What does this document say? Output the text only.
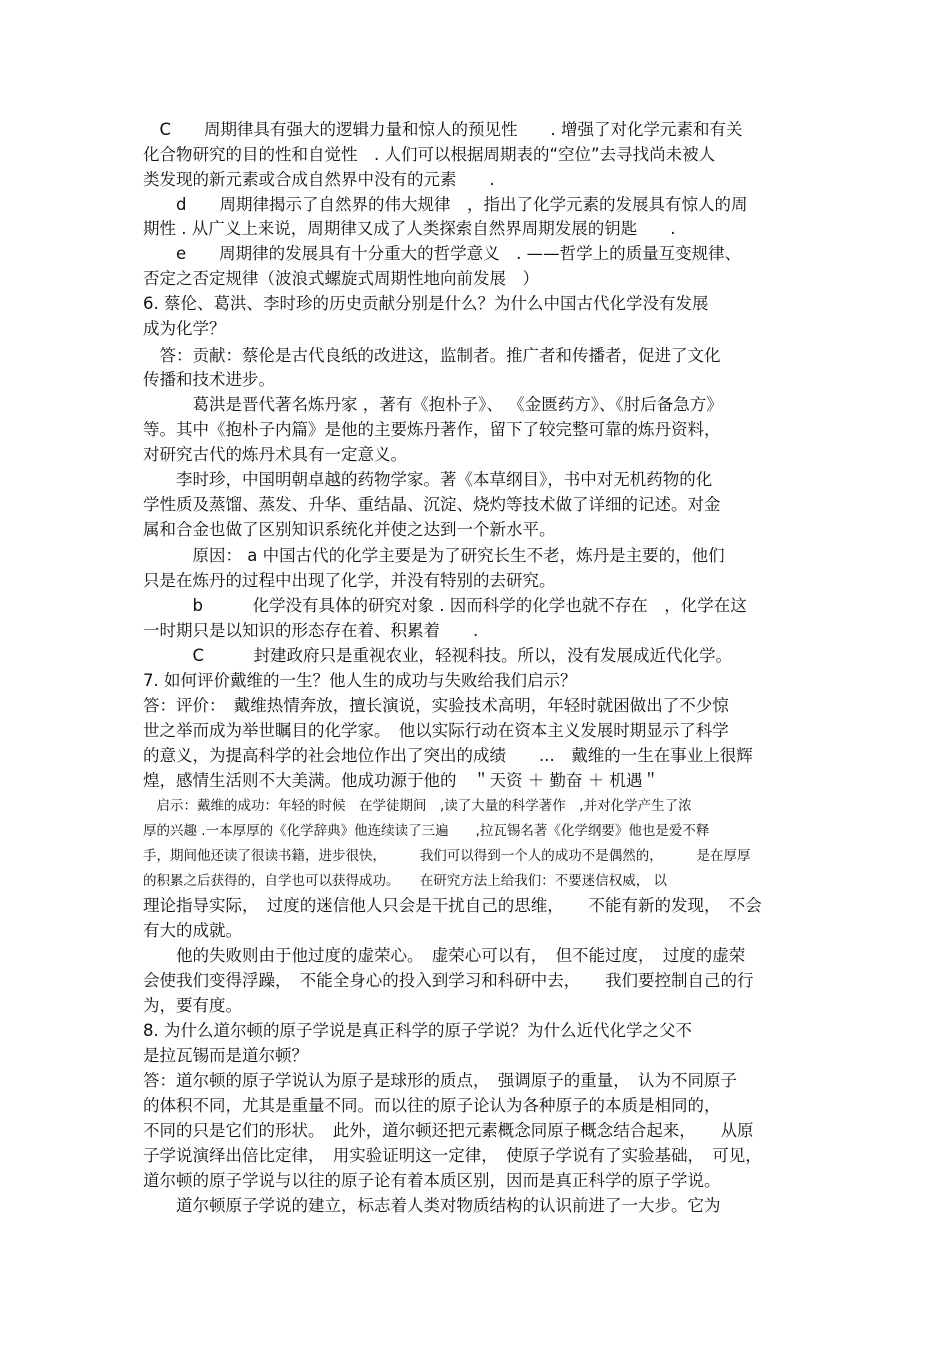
　C　　周期律具有强大的逻辑力量和惊人的预见性　　. 增强了对化学元素和有关
化合物研究的目的性和自觉性　. 人们可以根据周期表的“空位”去寻找尚未被人
类发现的新元素或合成自然界中没有的元素　　.
　　d　　周期律揭示了自然界的伟大规律　，指出了化学元素的发展具有惊人的周
期性 . 从广义上来说，周期律又成了人类探索自然界周期发展的钥匙　　.
　　e　　周期律的发展具有十分重大的哲学意义　. ——哲学上的质量互变规律、
否定之否定规律（波浪式螺旋式周期性地向前发展　）
6. 蔡伦、葛洪、李时珍的历史贡献分别是什么？为什么中国古代化学没有发展
成为化学？
　答：贡献：蔡伦是古代良纸的改进这，监制者。推广者和传播者，促进了文化
传播和技术进步。
　　　葛洪是晋代著名炼丹家 ，著有《抱朴子》、 《金匮药方》、《肘后备急方》
等。其中《抱朴子内篇》是他的主要炼丹著作，留下了较完整可靠的炼丹资料，
对研究古代的炼丹术具有一定意义。
　　李时珍，中国明朝卓越的药物学家。著《本草纲目》，书中对无机药物的化
学性质及蒸馏、蒸发、升华、重结晶、沉淀、烧灼等技术做了详细的记述。对金
属和合金也做了区别知识系统化并使之达到一个新水平。
　　　原因： a 中国古代的化学主要是为了研究长生不老，炼丹是主要的，他们
只是在炼丹的过程中出现了化学，并没有特别的去研究。
　　　b　　　化学没有具体的研究对象 . 因而科学的化学也就不存在　，化学在这
一时期只是以知识的形态存在着、积累着　　.
　　　C　　　封建政府只是重视农业，轻视科技。所以，没有发展成近代化学。
7. 如何评价戴维的一生？他人生的成功与失败给我们启示？
答：评价：　戴维热情奔放，擅长演说，实验技术高明，年轻时就困做出了不少惊
世之举而成为举世瞩目的化学家。　他以实际行动在资本主义发展时期显示了科学
的意义，为提高科学的社会地位作出了突出的成绩　　...　戴维的一生在事业上很辉
煌，感情生活则不大美满。他成功源于他的　＂天资 ＋ 勤奋 ＋ 机遇＂
　启示：戴维的成功：年轻的时候　在学徒期间　,读了大量的科学著作　,并对化学产生了浓
厚的兴趣 .一本厚厚的《化学辞典》他连续读了三遍　　,拉瓦锡名著《化学纲要》他也是爱不释
手，期间他还读了很读书籍，进步很快，　　　我们可以得到一个人的成功不是偶然的，　　　是在厚厚
的积累之后获得的，自学也可以获得成功。　　在研究方法上给我们：不要迷信权威， 以
理论指导实际，　过度的迷信他人只会是干扰自己的思维，　　不能有新的发现，　不会
有大的成就。
　　他的失败则由于他过度的虚荣心。　虚荣心可以有，　但不能过度，　过度的虚荣
会使我们变得浮躁，　不能全身心的投入到学习和科研中去，　　我们要控制自己的行
为，要有度。
8. 为什么道尔顿的原子学说是真正科学的原子学说？为什么近代化学之父不
是拉瓦锡而是道尔顿？
答：道尔顿的原子学说认为原子是球形的质点，　强调原子的重量，　认为不同原子
的体积不同，尤其是重量不同。而以往的原子论认为各种原子的本质是相同的，
不同的只是它们的形状。　此外，道尔顿还把元素概念同原子概念结合起来，　　从原
子学说演绎出倍比定律，　用实验证明这一定律，　使原子学说有了实验基础，　可见，
道尔顿的原子学说与以往的原子论有着本质区别，因而是真正科学的原子学说。
　　道尔顿原子学说的建立，标志着人类对物质结构的认识前进了一大步。它为
